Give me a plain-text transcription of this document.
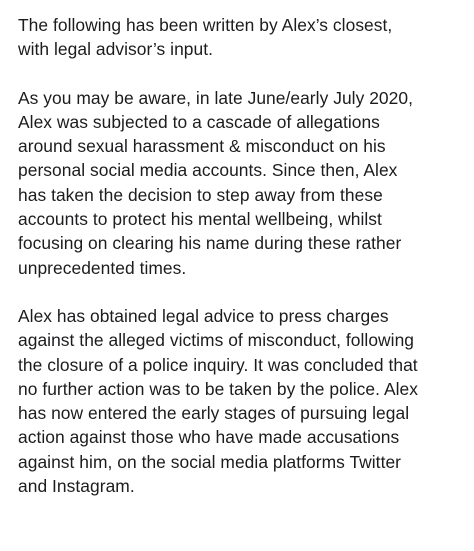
The following has been written by Alex’s closest,
with legal advisor’s input.

As you may be aware, in late June/early July 2020,
Alex was subjected to a cascade of allegations
around sexual harassment & misconduct on his
personal social media accounts. Since then, Alex
has taken the decision to step away from these
accounts to protect his mental wellbeing, whilst
focusing on clearing his name during these rather
unprecedented times.

Alex has obtained legal advice to press charges
against the alleged victims of misconduct, following
the closure of a police inquiry. It was concluded that
no further action was to be taken by the police. Alex
has now entered the early stages of pursuing legal
action against those who have made accusations
against him, on the social media platforms Twitter
and Instagram.
